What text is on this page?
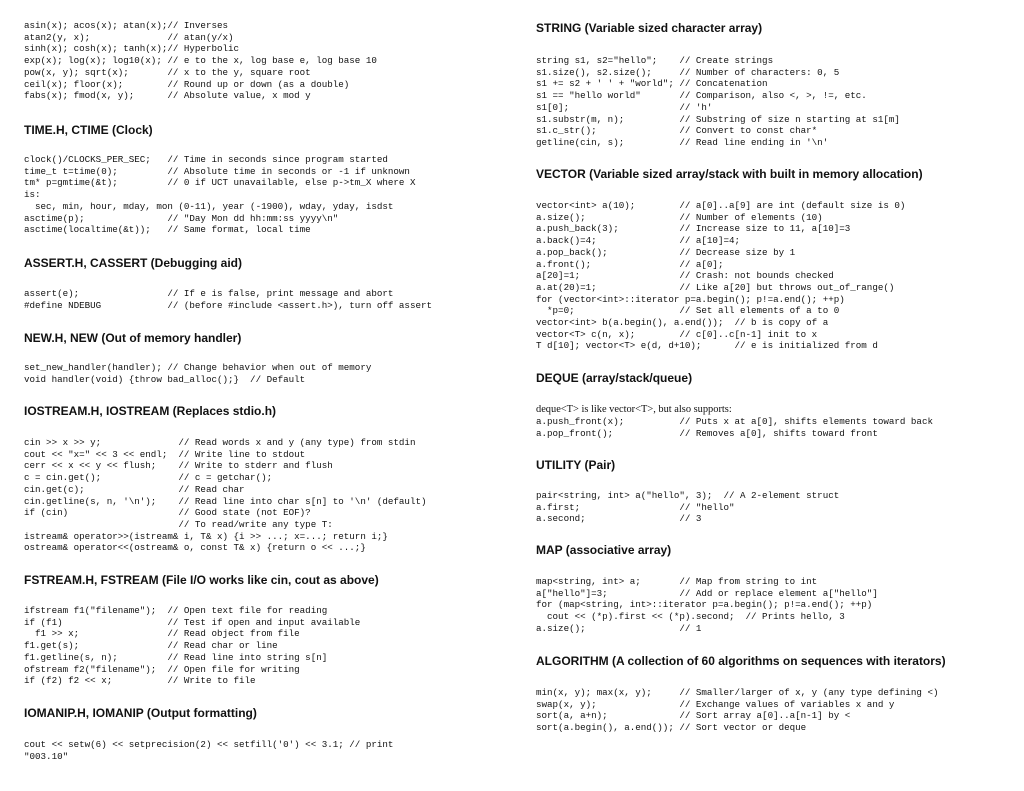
asin(x); acos(x); atan(x);// Inverses
atan2(y, x);              // atan(y/x)
sinh(x); cosh(x); tanh(x);// Hyperbolic
exp(x); log(x); log10(x); // e to the x, log base e, log base 10
pow(x, y); sqrt(x);       // x to the y, square root
ceil(x); floor(x);        // Round up or down (as a double)
fabs(x); fmod(x, y);      // Absolute value, x mod y
TIME.H, CTIME (Clock)
clock()/CLOCKS_PER_SEC;   // Time in seconds since program started
time_t t=time(0);         // Absolute time in seconds or -1 if unknown
tm* p=gmtime(&t);         // 0 if UCT unavailable, else p->tm_X where X
is:
sec, min, hour, mday, mon (0-11), year (-1900), wday, yday, isdst
asctime(p);               // "Day Mon dd hh:mm:ss yyyy\n"
asctime(localtime(&t));   // Same format, local time
ASSERT.H, CASSERT (Debugging aid)
assert(e);                // If e is false, print message and abort
#define NDEBUG            // (before #include <assert.h>), turn off assert
NEW.H, NEW (Out of memory handler)
set_new_handler(handler); // Change behavior when out of memory
void handler(void) {throw bad_alloc();}  // Default
IOSTREAM.H, IOSTREAM (Replaces stdio.h)
cin >> x >> y;              // Read words x and y (any type) from stdin
cout << "x=" << 3 << endl;  // Write line to stdout
cerr << x << y << flush;    // Write to stderr and flush
c = cin.get();              // c = getchar();
cin.get(c);                 // Read char
cin.getline(s, n, '\n');    // Read line into char s[n] to '\n' (default)
if (cin)                    // Good state (not EOF)?
// To read/write any type T:
istream& operator>>(istream& i, T& x) {i >> ...; x=...; return i;}
ostream& operator<<(ostream& o, const T& x) {return o << ...;}
FSTREAM.H, FSTREAM (File I/O works like cin, cout as above)
ifstream f1("filename");  // Open text file for reading
if (f1)                   // Test if open and input available
f1 >> x;                // Read object from file
f1.get(s);                // Read char or line
f1.getline(s, n);         // Read line into string s[n]
ofstream f2("filename");  // Open file for writing
if (f2) f2 << x;          // Write to file
IOMANIP.H, IOMANIP (Output formatting)
cout << setw(6) << setprecision(2) << setfill('0') << 3.1; // print
"003.10"
STRING (Variable sized character array)
string s1, s2="hello";    // Create strings
s1.size(), s2.size();     // Number of characters: 0, 5
s1 += s2 + ' ' + "world"; // Concatenation
s1 == "hello world"       // Comparison, also <, >, !=, etc.
s1[0];                    // 'h'
s1.substr(m, n);          // Substring of size n starting at s1[m]
s1.c_str();               // Convert to const char*
getline(cin, s);          // Read line ending in '\n'
VECTOR (Variable sized array/stack with built in memory allocation)
vector<int> a(10);        // a[0]..a[9] are int (default size is 0)
a.size();                 // Number of elements (10)
a.push_back(3);           // Increase size to 11, a[10]=3
a.back()=4;               // a[10]=4;
a.pop_back();             // Decrease size by 1
a.front();                // a[0];
a[20]=1;                  // Crash: not bounds checked
a.at(20)=1;               // Like a[20] but throws out_of_range()
for (vector<int>::iterator p=a.begin(); p!=a.end(); ++p)
*p=0;                   // Set all elements of a to 0
vector<int> b(a.begin(), a.end());  // b is copy of a
vector<T> c(n, x);        // c[0]..c[n-1] init to x
T d[10]; vector<T> e(d, d+10);      // e is initialized from d
DEQUE (array/stack/queue)
deque<T> is like vector<T>, but also supports:
a.push_front(x);          // Puts x at a[0], shifts elements toward back
a.pop_front();            // Removes a[0], shifts toward front
UTILITY (Pair)
pair<string, int> a("hello", 3);  // A 2-element struct
a.first;                  // "hello"
a.second;                 // 3
MAP (associative array)
map<string, int> a;       // Map from string to int
a["hello"]=3;             // Add or replace element a["hello"]
for (map<string, int>::iterator p=a.begin(); p!=a.end(); ++p)
cout << (*p).first << (*p).second;  // Prints hello, 3
a.size();                 // 1
ALGORITHM (A collection of 60 algorithms on sequences with iterators)
min(x, y); max(x, y);     // Smaller/larger of x, y (any type defining <)
swap(x, y);               // Exchange values of variables x and y
sort(a, a+n);             // Sort array a[0]..a[n-1] by <
sort(a.begin(), a.end()); // Sort vector or deque
